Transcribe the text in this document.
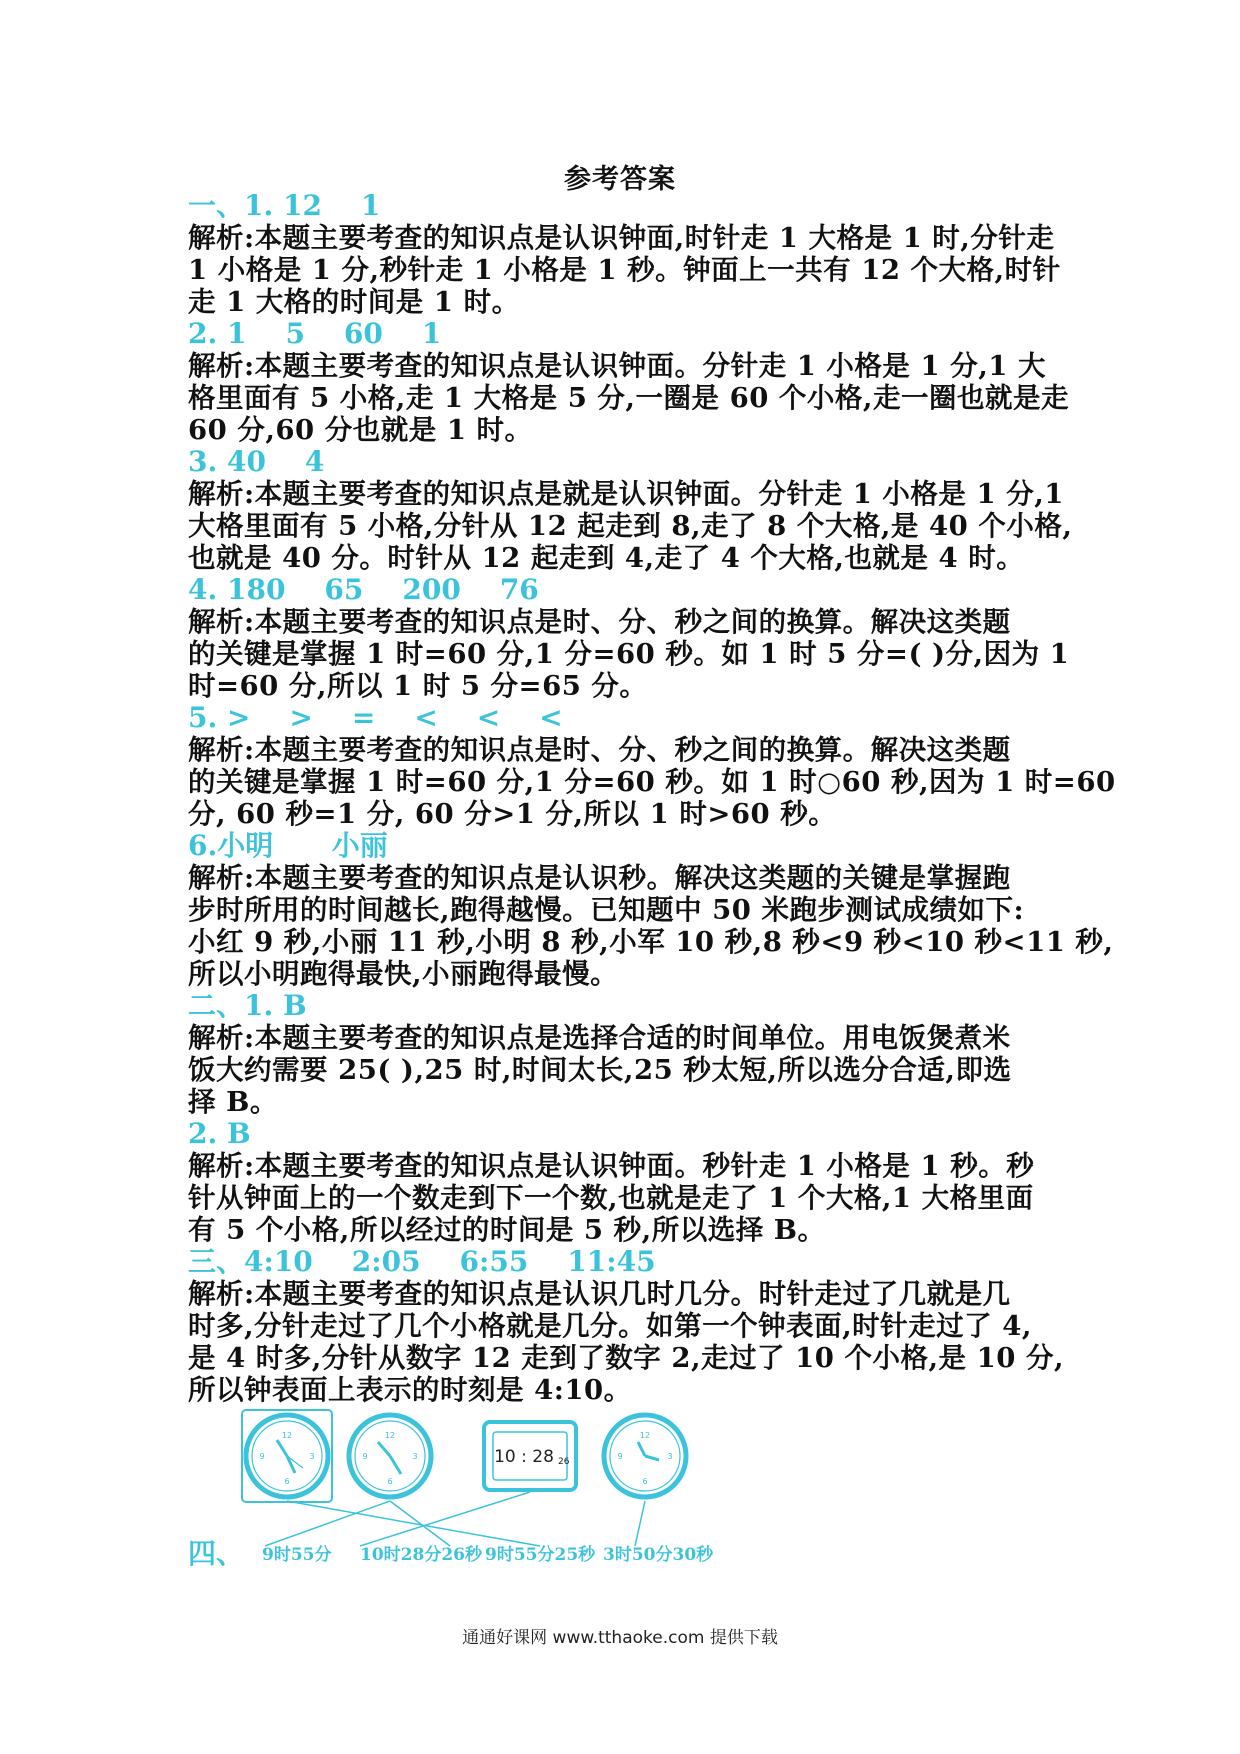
参考答案
一、1. 12    1
解析:本题主要考查的知识点是认识钟面,时针走 1 大格是 1 时,分针走
1 小格是 1 分,秒针走 1 小格是 1 秒。钟面上一共有 12 个大格,时针
走 1 大格的时间是 1 时。
2. 1    5    60    1
解析:本题主要考查的知识点是认识钟面。分针走 1 小格是 1 分,1 大
格里面有 5 小格,走 1 大格是 5 分,一圈是 60 个小格,走一圈也就是走
60 分,60 分也就是 1 时。
3. 40    4
解析:本题主要考查的知识点是就是认识钟面。分针走 1 小格是 1 分,1
大格里面有 5 小格,分针从 12 起走到 8,走了 8 个大格,是 40 个小格,
也就是 40 分。时针从 12 起走到 4,走了 4 个大格,也就是 4 时。
4. 180    65    200    76
解析:本题主要考查的知识点是时、分、秒之间的换算。解决这类题
的关键是掌握 1 时=60 分,1 分=60 秒。如 1 时 5 分=( )分,因为 1
时=60 分,所以 1 时 5 分=65 分。
5. >    >    =    <    <    <
解析:本题主要考查的知识点是时、分、秒之间的换算。解决这类题
的关键是掌握 1 时=60 分,1 分=60 秒。如 1 时○60 秒,因为 1 时=60
分, 60 秒=1 分, 60 分>1 分,所以 1 时>60 秒。
6.小明      小丽
解析:本题主要考查的知识点是认识秒。解决这类题的关键是掌握跑
步时所用的时间越长,跑得越慢。已知题中 50 米跑步测试成绩如下:
小红 9 秒,小丽 11 秒,小明 8 秒,小军 10 秒,8 秒<9 秒<10 秒<11 秒,
所以小明跑得最快,小丽跑得最慢。
二、1. B
解析:本题主要考查的知识点是选择合适的时间单位。用电饭煲煮米
饭大约需要 25( ),25 时,时间太长,25 秒太短,所以选分合适,即选
择 B。
2. B
解析:本题主要考查的知识点是认识钟面。秒针走 1 小格是 1 秒。秒
针从钟面上的一个数走到下一个数,也就是走了 1 个大格,1 大格里面
有 5 个小格,所以经过的时间是 5 秒,所以选择 B。
三、4:10    2:05    6:55    11:45
解析:本题主要考查的知识点是认识几时几分。时针走过了几就是几
时多,分针走过了几个小格就是几分。如第一个钟表面,时针走过了 4,
是 4 时多,分针从数字 12 走到了数字 2,走过了 10 个小格,是 10 分,
所以钟表面上表示的时刻是 4:10。
12
6
9	3
12
6
9	3
12
6
9	3
10 : 28 26
四、 9时55分 10时28分26秒 9时55分25秒 3时50分30秒
通通好课网 www.tthaoke.com 提供下载
